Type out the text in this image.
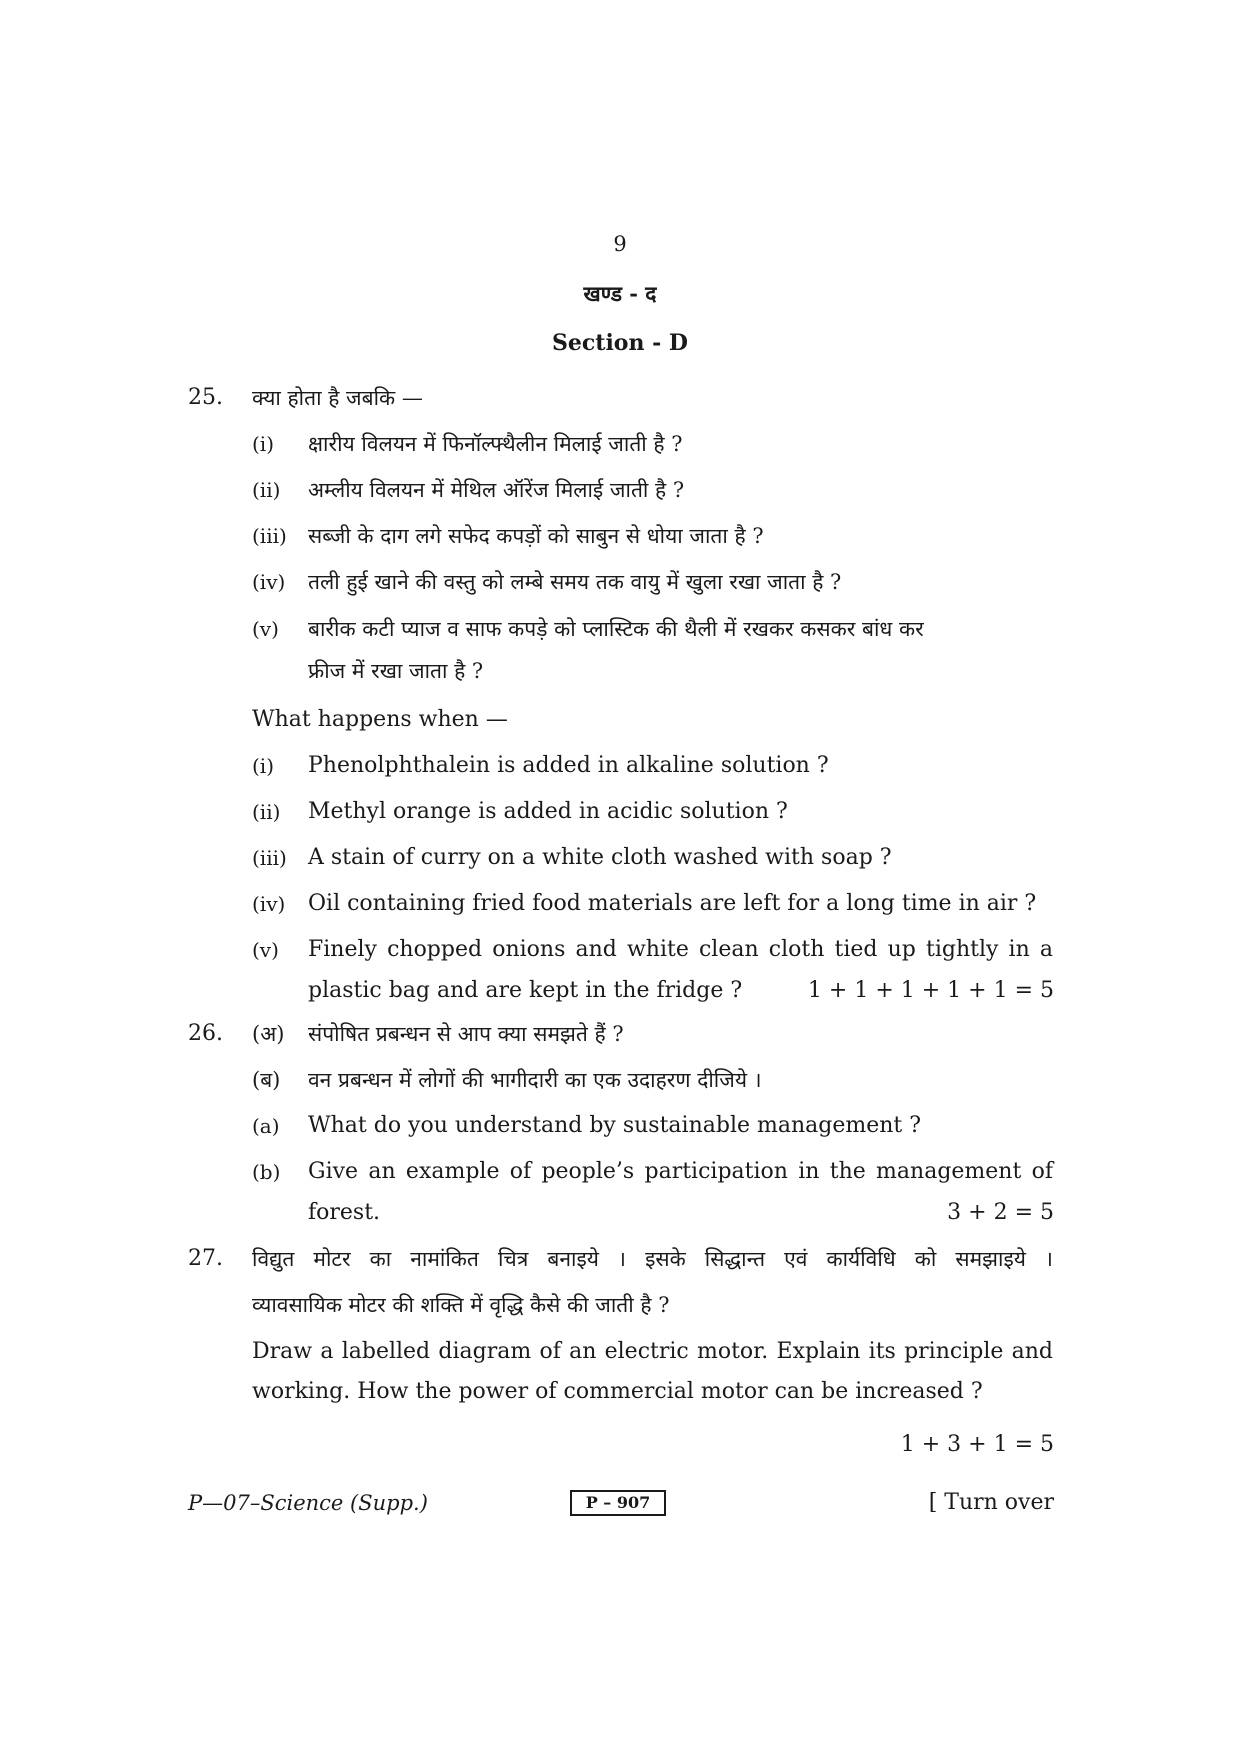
9
खण्ड - द
Section - D
25. क्या होता है जबकि —
(i) क्षारीय विलयन में फिनॉल्फ्थैलीन मिलाई जाती है ?
(ii) अम्लीय विलयन में मेथिल ऑरेंज मिलाई जाती है ?
(iii) सब्जी के दाग लगे सफेद कपड़ों को साबुन से धोया जाता है ?
(iv) तली हुई खाने की वस्तु को लम्बे समय तक वायु में खुला रखा जाता है ?
(v) बारीक कटी प्याज व साफ कपड़े को प्लास्टिक की थैली में रखकर कसकर बांध कर
फ्रीज में रखा जाता है ?
What happens when —
(i) Phenolphthalein is added in alkaline solution ?
(ii) Methyl orange is added in acidic solution ?
(iii) A stain of curry on a white cloth washed with soap ?
(iv) Oil containing fried food materials are left for a long time in air ?
(v) Finely chopped onions and white clean cloth tied up tightly in a
plastic bag and are kept in the fridge ?	1 + 1 + 1 + 1 + 1 = 5
26. (अ) संपोषित प्रबन्धन से आप क्या समझते हैं ?
(ब) वन प्रबन्धन में लोगों की भागीदारी का एक उदाहरण दीजिये ।
(a) What do you understand by sustainable management ?
(b) Give an example of people’s participation in the management of
forest.	3 + 2 = 5
27. विद्युत मोटर का नामांकित चित्र बनाइये । इसके सिद्धान्त एवं कार्यविधि को समझाइये ।
व्यावसायिक मोटर की शक्ति में वृद्धि कैसे की जाती है ?
Draw a labelled diagram of an electric motor. Explain its principle and
working. How the power of commercial motor can be increased ?
1 + 3 + 1 = 5
P—07–Science (Supp.)	P – 907	[ Turn over
